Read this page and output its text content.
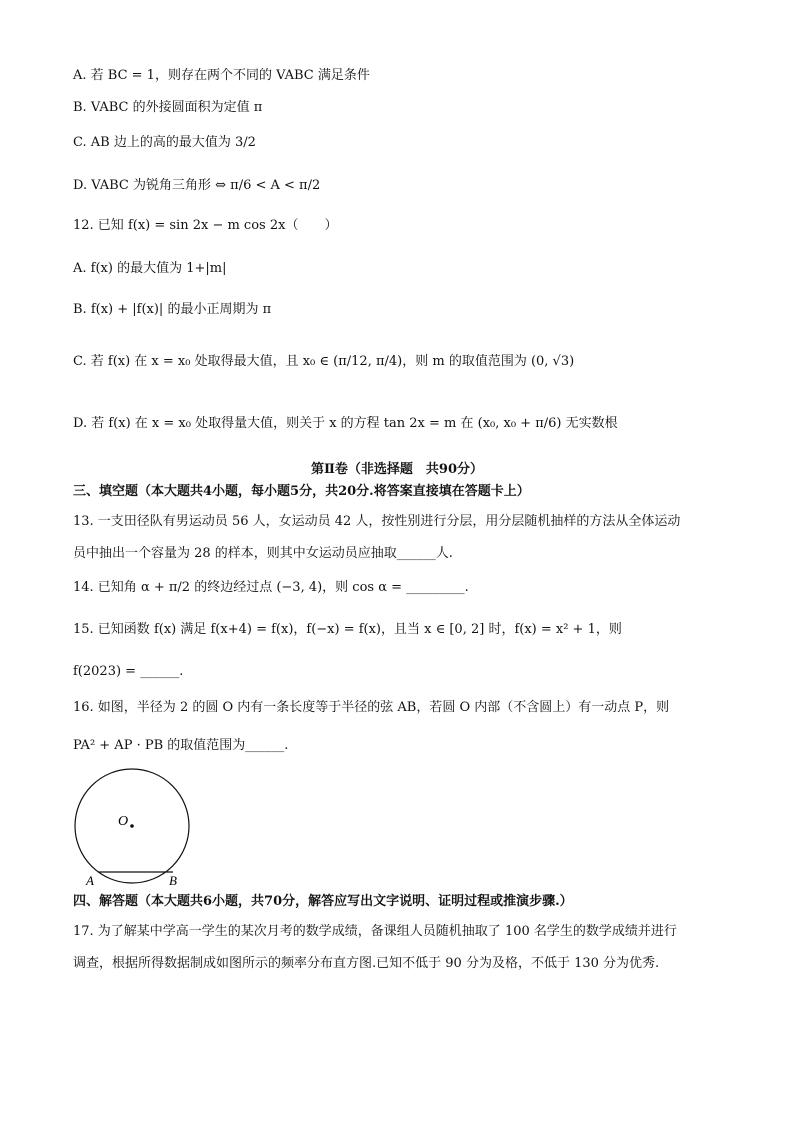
A. 若 BC = 1，则存在两个不同的 VABC 满足条件
B. VABC 的外接圆面积为定值 π
C. AB 边上的高的最大值为 3/2
D. VABC 为锐角三角形 ⇔ π/6 < A < π/2
12. 已知 f(x) = sin 2x − m cos 2x（　　）
A. f(x) 的最大值为 1+|m|
B. f(x) + |f(x)| 的最小正周期为 π
C. 若 f(x) 在 x = x₀ 处取得最大值，且 x₀ ∈ (π/12, π/4)，则 m 的取值范围为 (0, √3)
D. 若 f(x) 在 x = x₀ 处取得量大值，则关于 x 的方程 tan 2x = m 在 (x₀, x₀ + π/6) 无实数根
第Ⅱ卷（非选择题　共90分）
三、填空题（本大题共4小题，每小题5分，共20分.将答案直接填在答题卡上）
13. 一支田径队有男运动员 56 人，女运动员 42 人，按性别进行分层，用分层随机抽样的方法从全体运动
员中抽出一个容量为 28 的样本，则其中女运动员应抽取______人.
14. 已知角 α + π/2 的终边经过点 (−3, 4)，则 cos α = _________.
15. 已知函数 f(x) 满足 f(x+4) = f(x)，f(−x) = f(x)，且当 x ∈ [0, 2] 时，f(x) = x² + 1，则
f(2023) = ______.
16. 如图，半径为 2 的圆 O 内有一条长度等于半径的弦 AB，若圆 O 内部（不含圆上）有一动点 P，则
PA² + AP · PB 的取值范围为______.
O
A	B
四、解答题（本大题共6小题，共70分，解答应写出文字说明、证明过程或推演步骤.）
17. 为了解某中学高一学生的某次月考的数学成绩，备课组人员随机抽取了 100 名学生的数学成绩并进行
调查，根据所得数据制成如图所示的频率分布直方图.已知不低于 90 分为及格，不低于 130 分为优秀.
